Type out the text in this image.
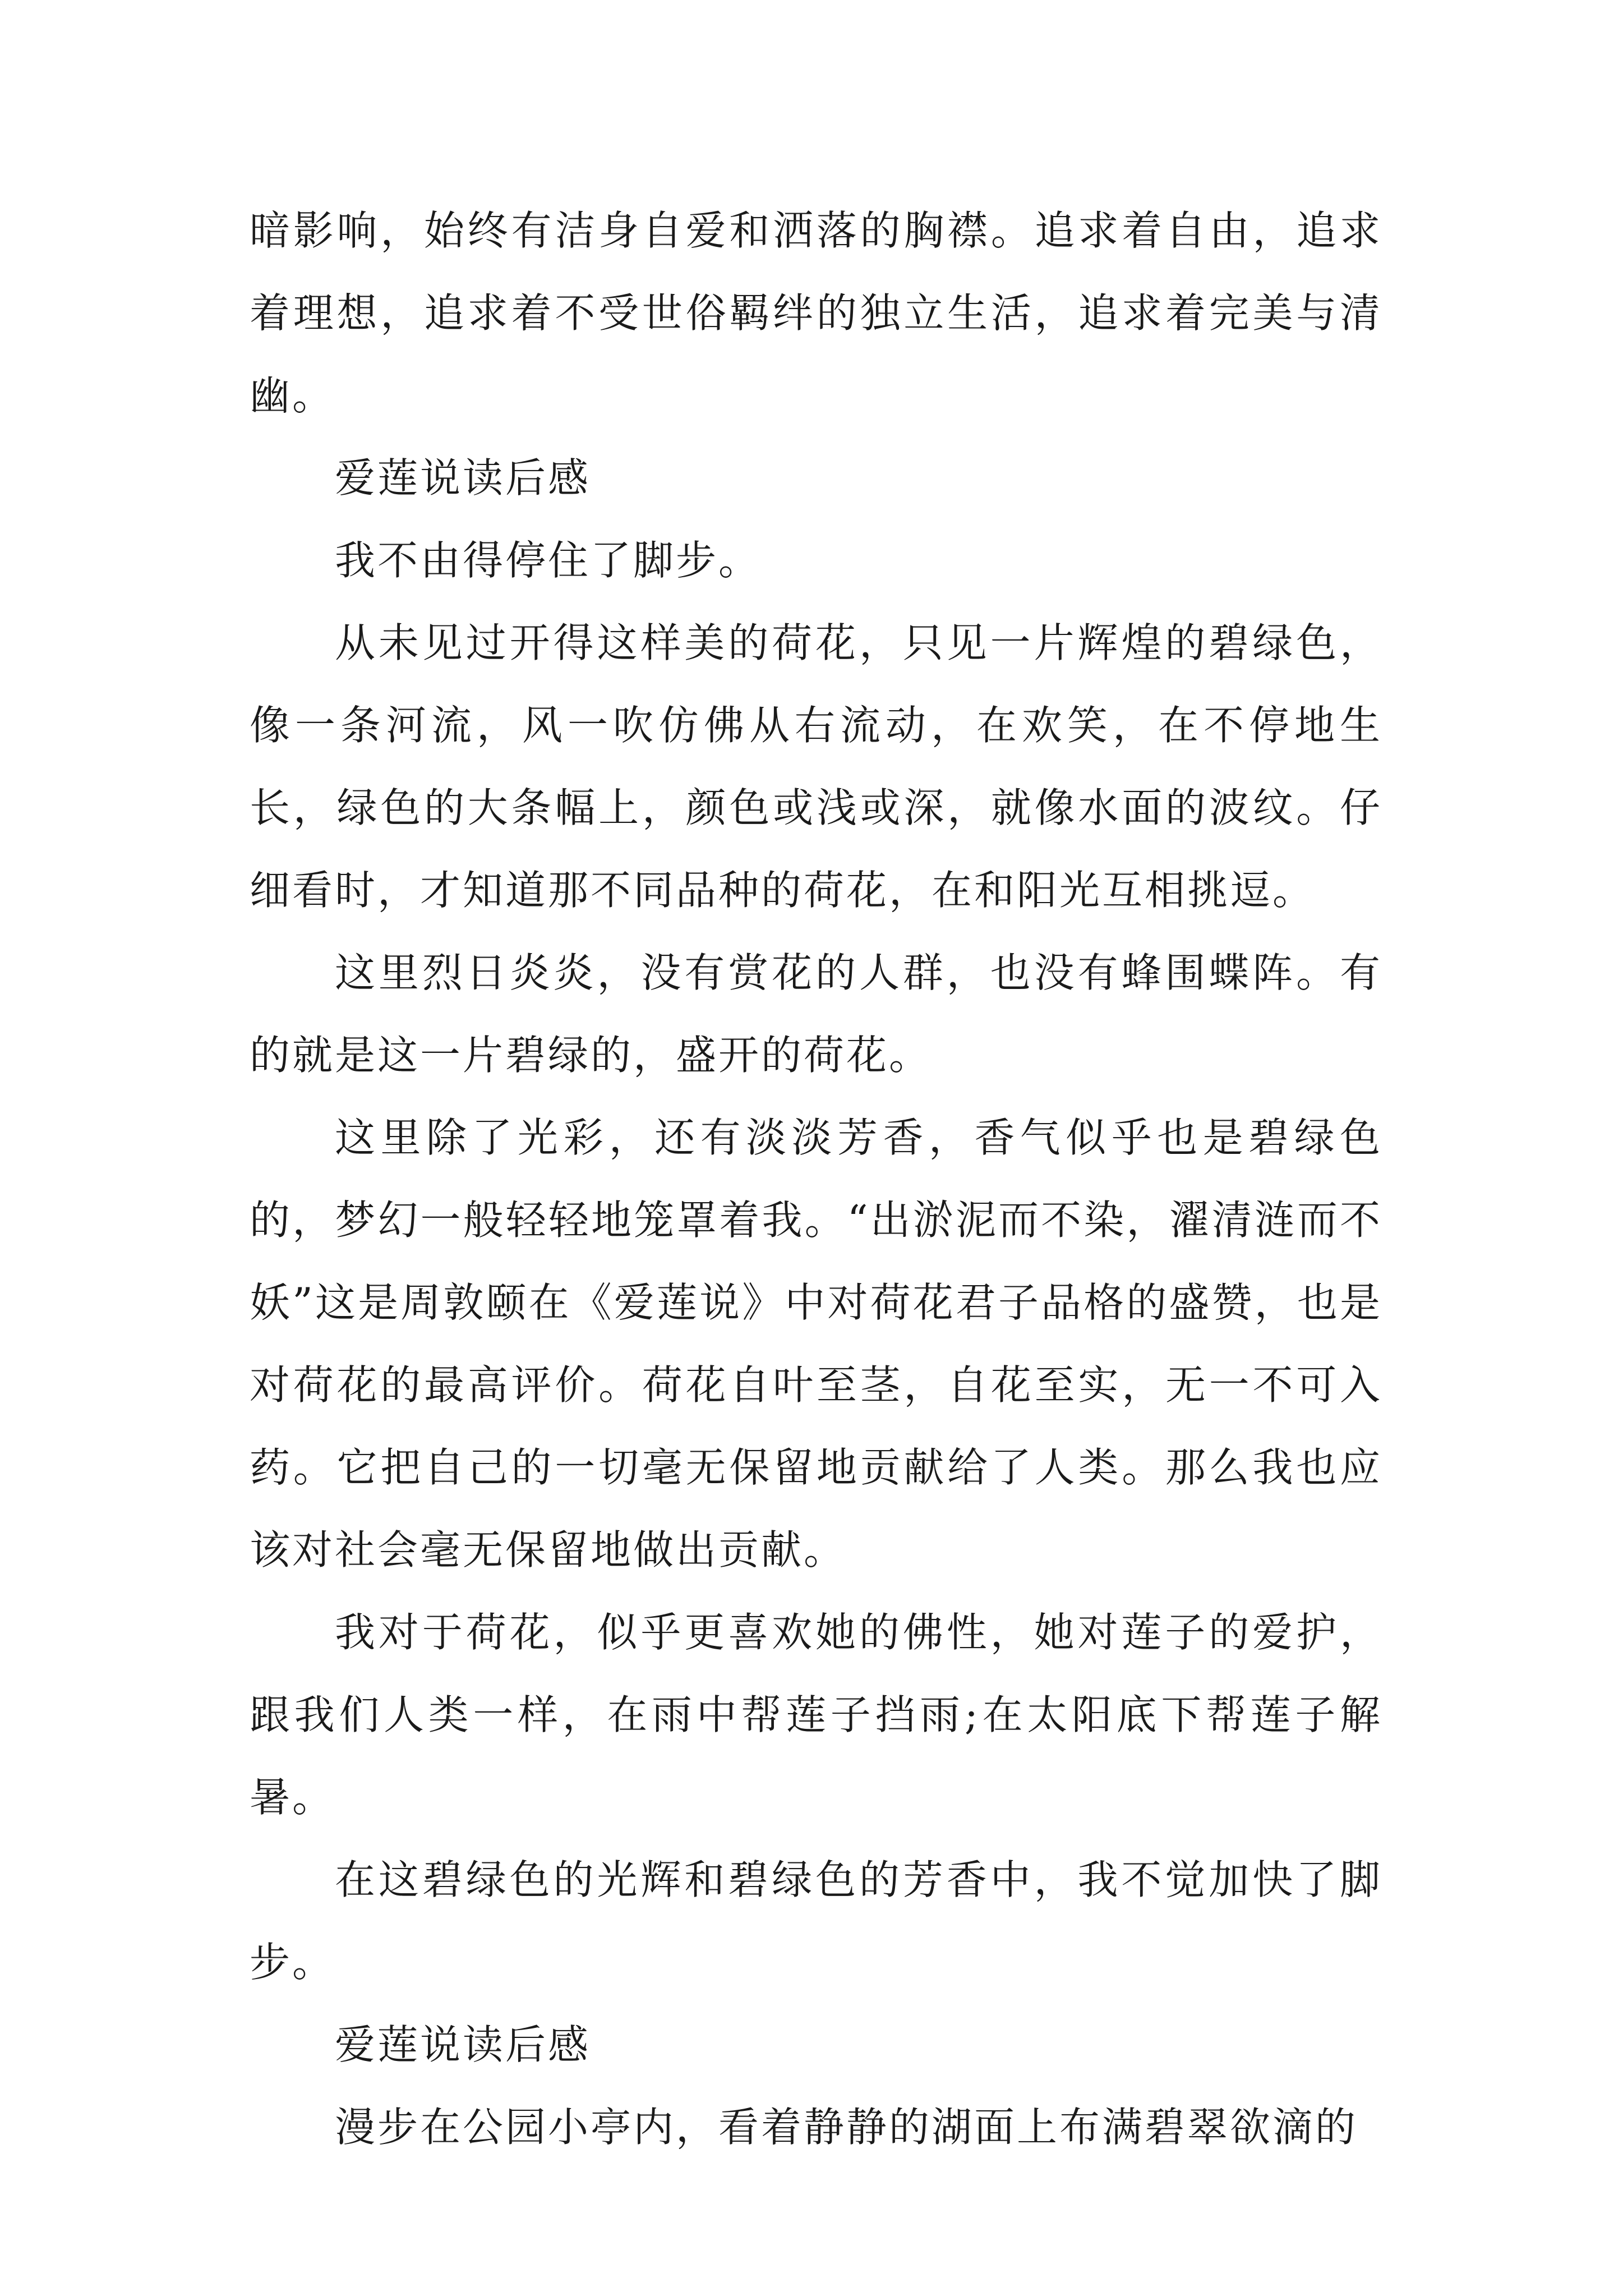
暗影响，始终有洁身自爱和洒落的胸襟。追求着自由，追求着理想，追求着不受世俗羁绊的独立生活，追求着完美与清幽。

爱莲说读后感

我不由得停住了脚步。

从未见过开得这样美的荷花，只见一片辉煌的碧绿色，像一条河流，风一吹仿佛从右流动，在欢笑，在不停地生长，绿色的大条幅上，颜色或浅或深，就像水面的波纹。仔细看时，才知道那不同品种的荷花，在和阳光互相挑逗。

这里烈日炎炎，没有赏花的人群，也没有蜂围蝶阵。有的就是这一片碧绿的，盛开的荷花。

这里除了光彩，还有淡淡芳香，香气似乎也是碧绿色的，梦幻一般轻轻地笼罩着我。“出淤泥而不染，濯清涟而不妖”这是周敦颐在《爱莲说》中对荷花君子品格的盛赞，也是对荷花的最高评价。荷花自叶至茎，自花至实，无一不可入药。它把自己的一切毫无保留地贡献给了人类。那么我也应该对社会毫无保留地做出贡献。

我对于荷花，似乎更喜欢她的佛性，她对莲子的爱护，跟我们人类一样，在雨中帮莲子挡雨;在太阳底下帮莲子解暑。

在这碧绿色的光辉和碧绿色的芳香中，我不觉加快了脚步。

爱莲说读后感

漫步在公园小亭内，看着静静的湖面上布满碧翠欲滴的
